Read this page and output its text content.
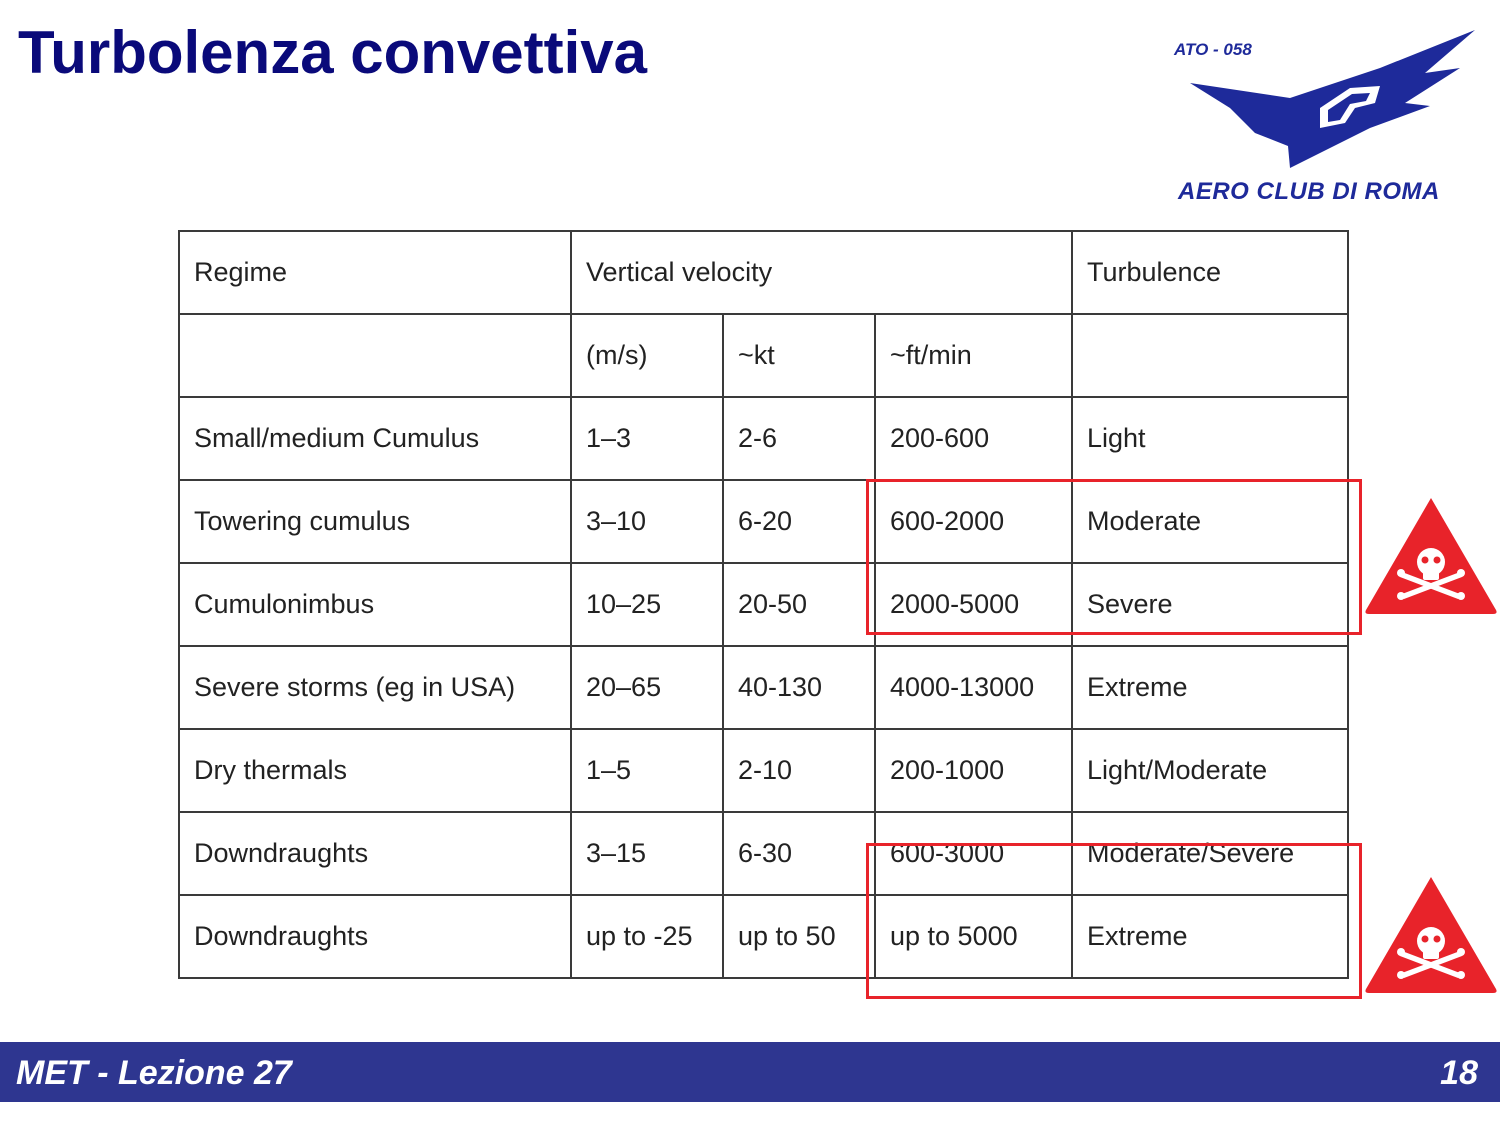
Turbolenza convettiva	ATO - 058
AERO CLUB DI ROMA
Regime	Vertical velocity			Turbulence
	(m/s)	~kt	~ft/min	
Small/medium Cumulus	1–3	2-6	200-600	Light
Towering cumulus	3–10	6-20	600-2000	Moderate
Cumulonimbus	10–25	20-50	2000-5000	Severe
Severe storms (eg in USA)	20–65	40-130	4000-13000	Extreme
Dry thermals	1–5	2-10	200-1000	Light/Moderate
Downdraughts	3–15	6-30	600-3000	Moderate/Severe
Downdraughts	up to -25	up to 50	up to 5000	Extreme
MET - Lezione 27	18
